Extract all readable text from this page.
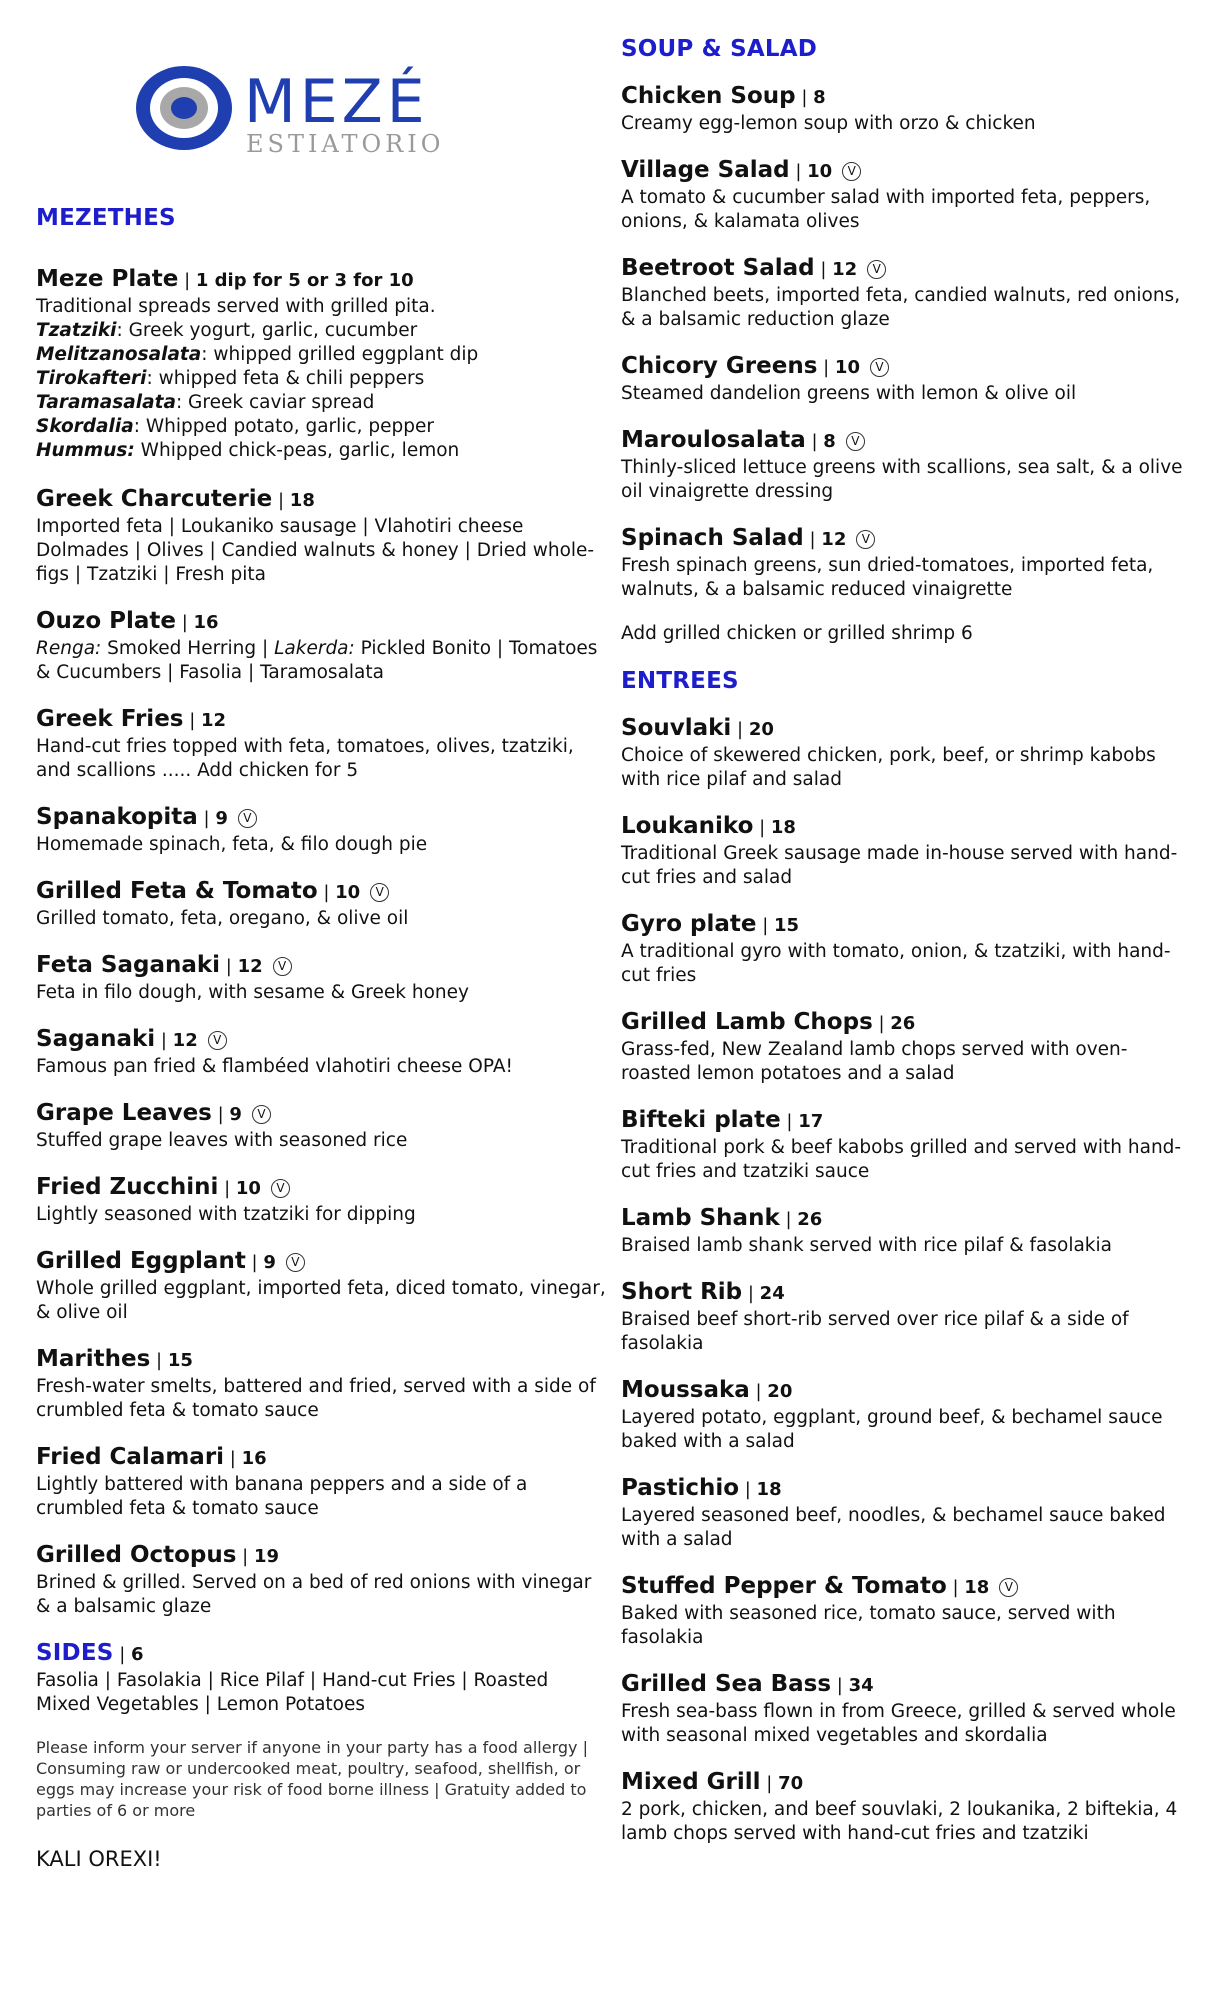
MEZÉ
ESTIATORIO
MEZETHES
Meze Plate | 1 dip for 5 or 3 for 10
Traditional spreads served with grilled pita.
Tzatziki: Greek yogurt, garlic, cucumber
Melitzanosalata: whipped grilled eggplant dip
Tirokafteri: whipped feta & chili peppers
Taramasalata: Greek caviar spread
Skordalia: Whipped potato, garlic, pepper
Hummus: Whipped chick-peas, garlic, lemon
Greek Charcuterie | 18
Imported feta | Loukaniko sausage | Vlahotiri cheese Dolmades | Olives | Candied walnuts & honey | Dried whole-figs | Tzatziki | Fresh pita
Ouzo Plate | 16
Renga: Smoked Herring | Lakerda: Pickled Bonito | Tomatoes & Cucumbers | Fasolia | Taramosalata
Greek Fries | 12
Hand-cut fries topped with feta, tomatoes, olives, tzatziki, and scallions ..... Add chicken for 5
Spanakopita | 9 V
Homemade spinach, feta, & filo dough pie
Grilled Feta & Tomato | 10 V
Grilled tomato, feta, oregano, & olive oil
Feta Saganaki | 12 V
Feta in filo dough, with sesame & Greek honey
Saganaki | 12 V
Famous pan fried & flambéed vlahotiri cheese OPA!
Grape Leaves | 9 V
Stuffed grape leaves with seasoned rice
Fried Zucchini | 10 V
Lightly seasoned with tzatziki for dipping
Grilled Eggplant | 9 V
Whole grilled eggplant, imported feta, diced tomato, vinegar, & olive oil
Marithes | 15
Fresh-water smelts, battered and fried, served with a side of crumbled feta & tomato sauce
Fried Calamari | 16
Lightly battered with banana peppers and a side of a crumbled feta & tomato sauce
Grilled Octopus | 19
Brined & grilled. Served on a bed of red onions with vinegar & a balsamic glaze
SIDES | 6
Fasolia | Fasolakia | Rice Pilaf | Hand-cut Fries | Roasted Mixed Vegetables | Lemon Potatoes
Please inform your server if anyone in your party has a food allergy | Consuming raw or undercooked meat, poultry, seafood, shellfish, or eggs may increase your risk of food borne illness | Gratuity added to parties of 6 or more
KALI OREXI!
SOUP & SALAD
Chicken Soup | 8
Creamy egg-lemon soup with orzo & chicken
Village Salad | 10 V
A tomato & cucumber salad with imported feta, peppers, onions, & kalamata olives
Beetroot Salad | 12 V
Blanched beets, imported feta, candied walnuts, red onions, & a balsamic reduction glaze
Chicory Greens | 10 V
Steamed dandelion greens with lemon & olive oil
Maroulosalata | 8 V
Thinly-sliced lettuce greens with scallions, sea salt, & a olive oil vinaigrette dressing
Spinach Salad | 12 V
Fresh spinach greens, sun dried-tomatoes, imported feta, walnuts, & a balsamic reduced vinaigrette
Add grilled chicken or grilled shrimp 6
ENTREES
Souvlaki | 20
Choice of skewered chicken, pork, beef, or shrimp kabobs with rice pilaf and salad
Loukaniko | 18
Traditional Greek sausage made in-house served with hand-cut fries and salad
Gyro plate | 15
A traditional gyro with tomato, onion, & tzatziki, with hand-cut fries
Grilled Lamb Chops | 26
Grass-fed, New Zealand lamb chops served with oven-roasted lemon potatoes and a salad
Bifteki plate | 17
Traditional pork & beef kabobs grilled and served with hand-cut fries and tzatziki sauce
Lamb Shank | 26
Braised lamb shank served with rice pilaf & fasolakia
Short Rib | 24
Braised beef short-rib served over rice pilaf & a side of fasolakia
Moussaka | 20
Layered potato, eggplant, ground beef, & bechamel sauce baked with a salad
Pastichio | 18
Layered seasoned beef, noodles, & bechamel sauce baked with a salad
Stuffed Pepper & Tomato | 18 V
Baked with seasoned rice, tomato sauce, served with fasolakia
Grilled Sea Bass | 34
Fresh sea-bass flown in from Greece, grilled & served whole with seasonal mixed vegetables and skordalia
Mixed Grill | 70
2 pork, chicken, and beef souvlaki, 2 loukanika, 2 biftekia, 4 lamb chops served with hand-cut fries and tzatziki
